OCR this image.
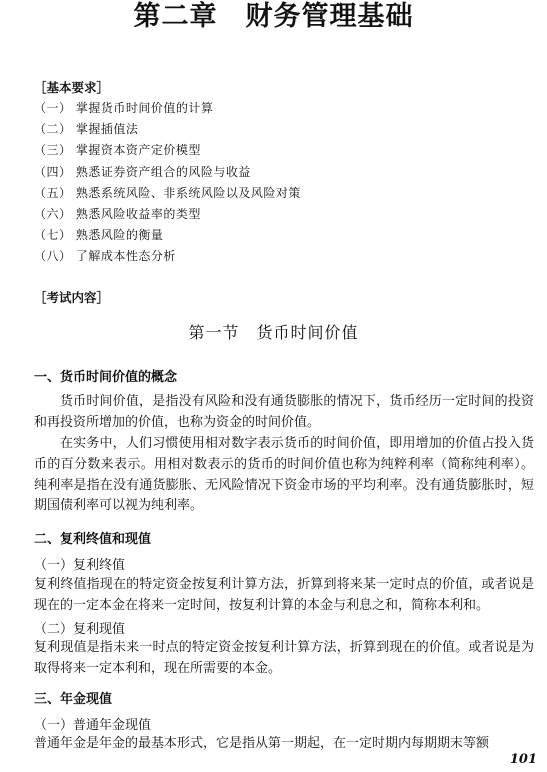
第二章　财务管理基础
［基本要求］
（一） 掌握货币时间价值的计算
（二） 掌握插值法
（三） 掌握资本资产定价模型
（四） 熟悉证券资产组合的风险与收益
（五） 熟悉系统风险、非系统风险以及风险对策
（六） 熟悉风险收益率的类型
（七） 熟悉风险的衡量
（八） 了解成本性态分析
［考试内容］
第一节　货币时间价值
一、货币时间价值的概念

货币时间价值，是指没有风险和没有通货膨胀的情况下，货币经历一定时间的投资和再投资所增加的价值，也称为资金的时间价值。

在实务中，人们习惯使用相对数字表示货币的时间价值，即用增加的价值占投入货币的百分数来表示。用相对数表示的货币的时间价值也称为纯粹利率（简称纯利率）。纯利率是指在没有通货膨胀、无风险情况下资金市场的平均利率。没有通货膨胀时，短期国债利率可以视为纯利率。

二、复利终值和现值
（一）复利终值

复利终值指现在的特定资金按复利计算方法，折算到将来某一定时点的价值，或者说是现在的一定本金在将来一定时间，按复利计算的本金与利息之和，简称本利和。

（二）复利现值

复利现值是指未来一时点的特定资金按复利计算方法，折算到现在的价值。或者说是为取得将来一定本利和，现在所需要的本金。

三、年金现值
（一）普通年金现值

普通年金是年金的最基本形式，它是指从第一期起，在一定时期内每期期末等额

101
